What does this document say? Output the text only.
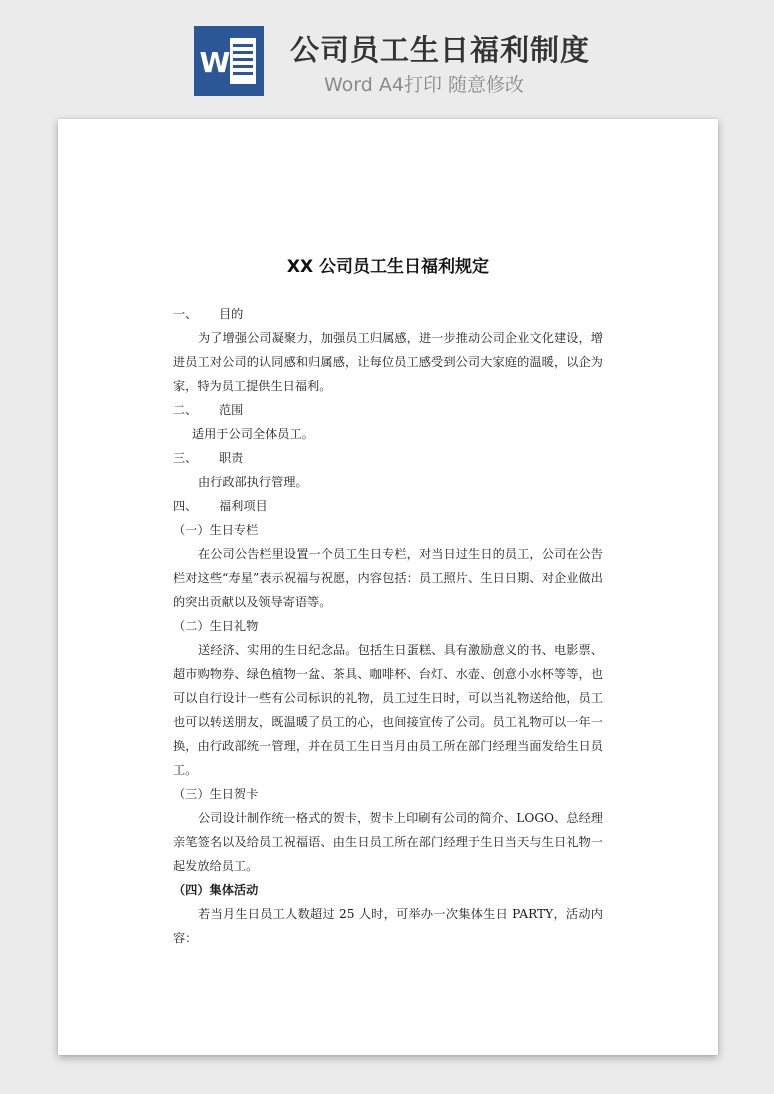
W 公司员工生日福利制度
Word A4打印 随意修改
XX 公司员工生日福利规定

一、	目的

为了增强公司凝聚力，加强员工归属感，进一步推动公司企业文化建设，增进员工对公司的认同感和归属感，让每位员工感受到公司大家庭的温暖，以企为家，特为员工提供生日福利。

二、	范围

适用于公司全体员工。

三、	职责

由行政部执行管理。

四、	福利项目

（一）生日专栏

在公司公告栏里设置一个员工生日专栏，对当日过生日的员工，公司在公告栏对这些“寿星”表示祝福与祝愿，内容包括：员工照片、生日日期、对企业做出的突出贡献以及领导寄语等。

（二）生日礼物

送经济、实用的生日纪念品。包括生日蛋糕、具有激励意义的书、电影票、超市购物券、绿色植物一盆、茶具、咖啡杯、台灯、水壶、创意小水杯等等，也可以自行设计一些有公司标识的礼物，员工过生日时，可以当礼物送给他，员工也可以转送朋友，既温暖了员工的心，也间接宣传了公司。员工礼物可以一年一换，由行政部统一管理，并在员工生日当月由员工所在部门经理当面发给生日员工。

（三）生日贺卡

公司设计制作统一格式的贺卡，贺卡上印刷有公司的简介、LOGO、总经理亲笔签名以及给员工祝福语、由生日员工所在部门经理于生日当天与生日礼物一起发放给员工。

（四）集体活动

若当月生日员工人数超过 25 人时，可举办一次集体生日 PARTY，活动内容：
